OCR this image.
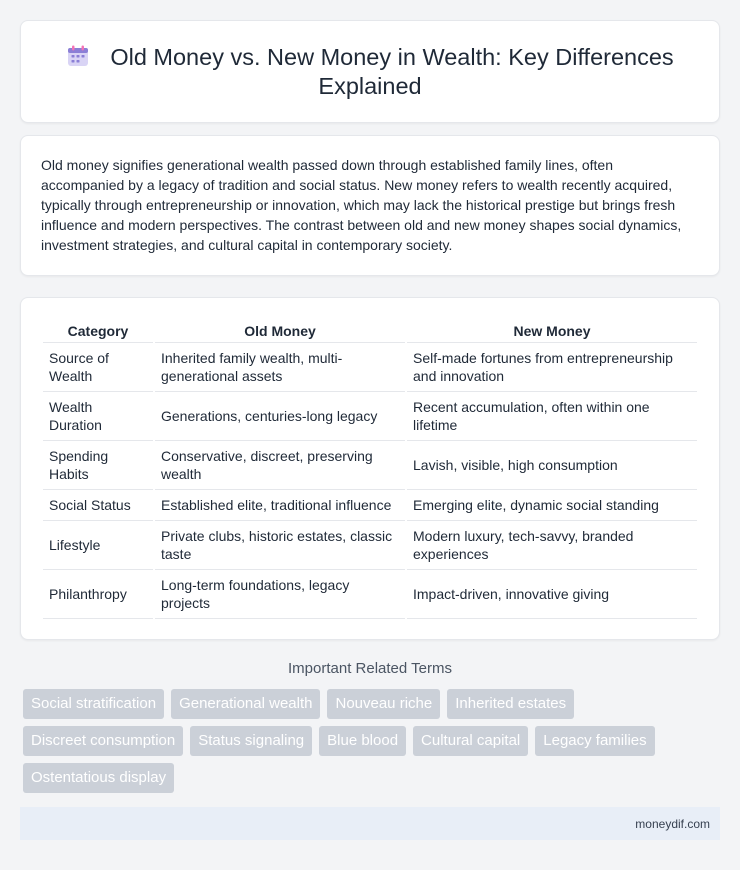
Old Money vs. New Money in Wealth: Key Differences Explained

Old money signifies generational wealth passed down through established family lines, often accompanied by a legacy of tradition and social status. New money refers to wealth recently acquired, typically through entrepreneurship or innovation, which may lack the historical prestige but brings fresh influence and modern perspectives. The contrast between old and new money shapes social dynamics, investment strategies, and cultural capital in contemporary society.

Category	Old Money	New Money
Source of Wealth	Inherited family wealth, multi-generational assets	Self-made fortunes from entrepreneurship and innovation
Wealth Duration	Generations, centuries-long legacy	Recent accumulation, often within one lifetime
Spending Habits	Conservative, discreet, preserving wealth	Lavish, visible, high consumption
Social Status	Established elite, traditional influence	Emerging elite, dynamic social standing
Lifestyle	Private clubs, historic estates, classic taste	Modern luxury, tech-savvy, branded experiences
Philanthropy	Long-term foundations, legacy projects	Impact-driven, innovative giving
Important Related Terms
Social stratification	Generational wealth	Nouveau riche	Inherited estates
Discreet consumption	Status signaling	Blue blood	Cultural capital	Legacy families
Ostentatious display
moneydif.com
